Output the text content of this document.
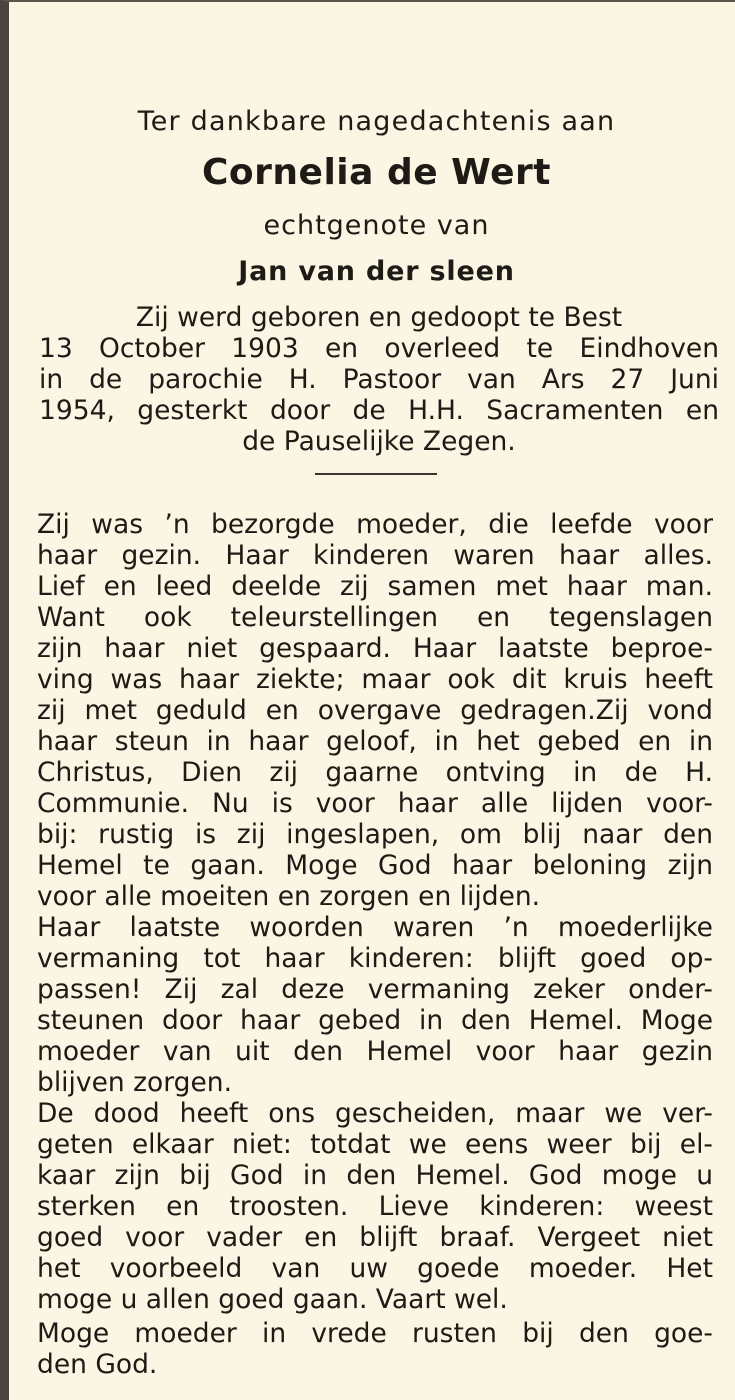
Ter dankbare nagedachtenis aan
Cornelia de Wert
echtgenote van
Jan van der sleen
Zij werd geboren en gedoopt te Best
13 October 1903 en overleed te Eindhoven
in de parochie H. Pastoor van Ars 27 Juni
1954, gesterkt door de H.H. Sacramenten en
de Pauselijke Zegen.
Zij was ’n bezorgde moeder, die leefde voor
haar gezin. Haar kinderen waren haar alles.
Lief en leed deelde zij samen met haar man.
Want ook teleurstellingen en tegenslagen
zijn haar niet gespaard. Haar laatste beproe-
ving was haar ziekte; maar ook dit kruis heeft
zij met geduld en overgave gedragen.Zij vond
haar steun in haar geloof, in het gebed en in
Christus, Dien zij gaarne ontving in de H.
Communie. Nu is voor haar alle lijden voor-
bij: rustig is zij ingeslapen, om blij naar den
Hemel te gaan. Moge God haar beloning zijn
voor alle moeiten en zorgen en lijden.
Haar laatste woorden waren ’n moederlijke
vermaning tot haar kinderen: blijft goed op-
passen! Zij zal deze vermaning zeker onder-
steunen door haar gebed in den Hemel. Moge
moeder van uit den Hemel voor haar gezin
blijven zorgen.
De dood heeft ons gescheiden, maar we ver-
geten elkaar niet: totdat we eens weer bij el-
kaar zijn bij God in den Hemel. God moge u
sterken en troosten. Lieve kinderen: weest
goed voor vader en blijft braaf. Vergeet niet
het voorbeeld van uw goede moeder. Het
moge u allen goed gaan. Vaart wel.
Moge moeder in vrede rusten bij den goe-
den God.
